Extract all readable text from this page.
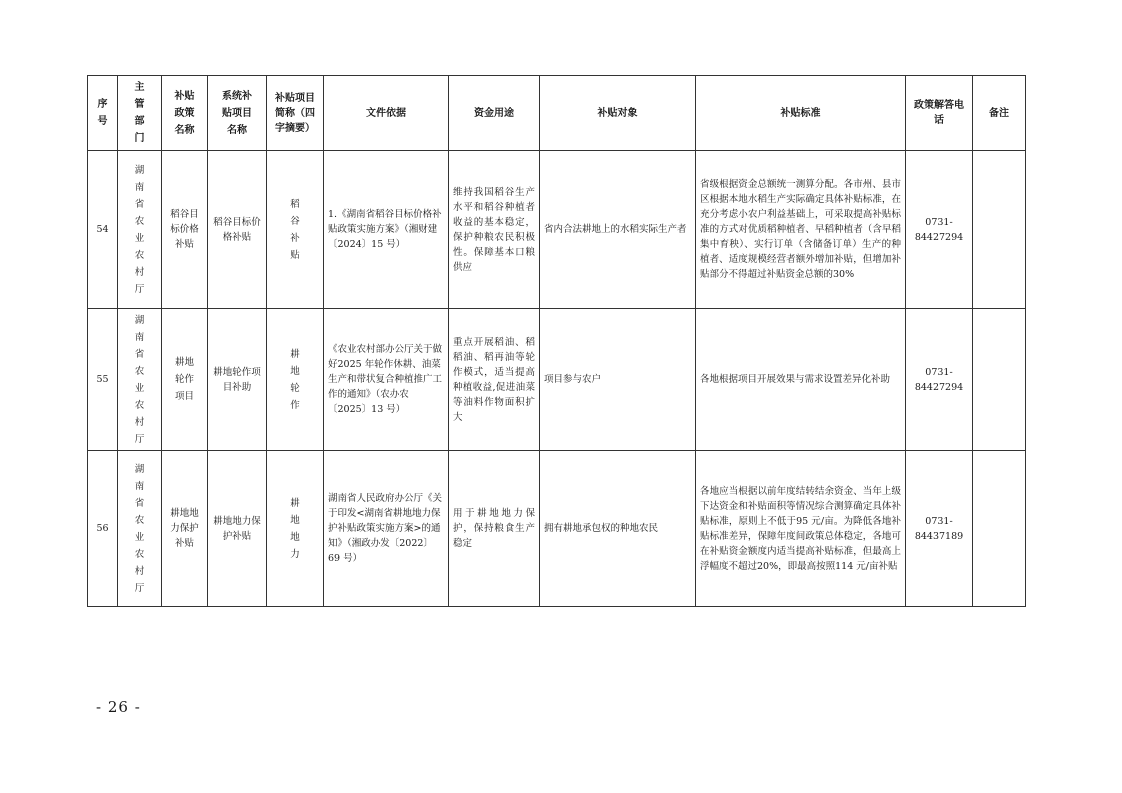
序号	主管部门	补贴政策名称	系统补贴项目名称	补贴项目简称（四字摘要）	文件依据	资金用途	补贴对象	补贴标准	政策解答电话	备注
54	湖南省农业农村厅	稻谷目标价格补贴	稻谷目标价格补贴	稻谷补贴	1.《湖南省稻谷目标价格补贴政策实施方案》（湘财建〔2024〕15 号）	维持我国稻谷生产水平和稻谷种植者收益的基本稳定，保护种粮农民积极性。保障基本口粮供应	省内合法耕地上的水稻实际生产者	省级根据资金总额统一测算分配。各市州、县市区根据本地水稻生产实际确定具体补贴标准，在充分考虑小农户利益基础上，可采取提高补贴标准的方式对优质稻种植者、早稻种植者（含早稻集中育秧）、实行订单（含储备订单）生产的种植者、适度规模经营者额外增加补贴，但增加补贴部分不得超过补贴资金总额的30%	0731-84427294	
55	湖南省农业农村厅	耕地轮作项目	耕地轮作项目补助	耕地轮作	《农业农村部办公厅关于做好2025 年轮作休耕、油菜生产和带状复合种植推广工作的通知》（农办农〔2025〕13 号）	重点开展稻油、稻稻油、稻再油等轮作模式，适当提高种植收益,促进油菜等油料作物面积扩大	项目参与农户	各地根据项目开展效果与需求设置差异化补助	0731-84427294	
56	湖南省农业农村厅	耕地地力保护补贴	耕地地力保护补贴	耕地地力	湖南省人民政府办公厅《关于印发<湖南省耕地地力保护补贴政策实施方案>的通知》（湘政办发〔2022〕69 号）	用于耕地地力保护，保持粮食生产稳定	拥有耕地承包权的种地农民	各地应当根据以前年度结转结余资金、当年上级下达资金和补贴面积等情况综合测算确定具体补贴标准，原则上不低于95 元/亩。为降低各地补贴标准差异，保障年度间政策总体稳定，各地可在补贴资金额度内适当提高补贴标准，但最高上浮幅度不超过20%，即最高按照114 元/亩补贴	0731-84437189	
- 26 -
